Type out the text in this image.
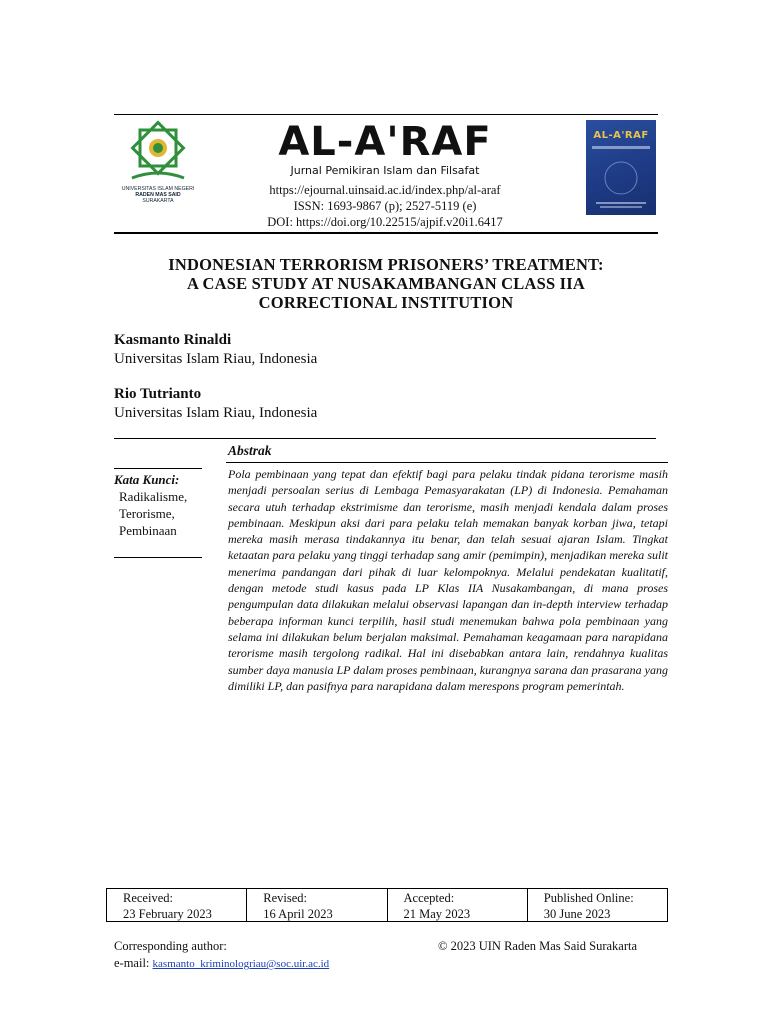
UNIVERSITAS ISLAM NEGERI
RADEN MAS SAID
SURAKARTA
AL-A'RAF
Jurnal Pemikiran Islam dan Filsafat
https://ejournal.uinsaid.ac.id/index.php/al-araf
ISSN: 1693-9867 (p); 2527-5119 (e)
DOI: https://doi.org/10.22515/ajpif.v20i1.6417
AL-A'RAF
INDONESIAN TERRORISM PRISONERS’ TREATMENT:
A CASE STUDY AT NUSAKAMBANGAN CLASS IIA
CORRECTIONAL INSTITUTION
Kasmanto Rinaldi
Universitas Islam Riau, Indonesia
Rio Tutrianto
Universitas Islam Riau, Indonesia
Abstrak
Pola pembinaan yang tepat dan efektif bagi para pelaku tindak pidana terorisme masih menjadi persoalan serius di Lembaga Pemasyarakatan (LP) di Indonesia. Pemahaman secara utuh terhadap ekstrimisme dan terorisme, masih menjadi kendala dalam proses pembinaan. Meskipun aksi dari para pelaku telah memakan banyak korban jiwa, tetapi mereka masih merasa tindakannya itu benar, dan telah sesuai ajaran Islam. Tingkat ketaatan para pelaku yang tinggi terhadap sang amir (pemimpin), menjadikan mereka sulit menerima pandangan dari pihak di luar kelompoknya. Melalui pendekatan kualitatif, dengan metode studi kasus pada LP Klas IIA Nusakambangan, di mana proses pengumpulan data dilakukan melalui observasi lapangan dan in-depth interview terhadap beberapa informan kunci terpilih, hasil studi menemukan bahwa pola pembinaan yang selama ini dilakukan belum berjalan maksimal. Pemahaman keagamaan para narapidana terorisme masih tergolong radikal. Hal ini disebabkan antara lain, rendahnya kualitas sumber daya manusia LP dalam proses pembinaan, kurangnya sarana dan prasarana yang dimiliki LP, dan pasifnya para narapidana dalam merespons program pemerintah.
Kata Kunci:
Radikalisme,
Terorisme,
Pembinaan
Received:
23 February 2023
Revised:
16 April 2023
Accepted:
21 May 2023
Published Online:
30 June 2023
Corresponding author:	© 2023 UIN Raden Mas Said Surakarta
e-mail: kasmanto_kriminologriau@soc.uir.ac.id
